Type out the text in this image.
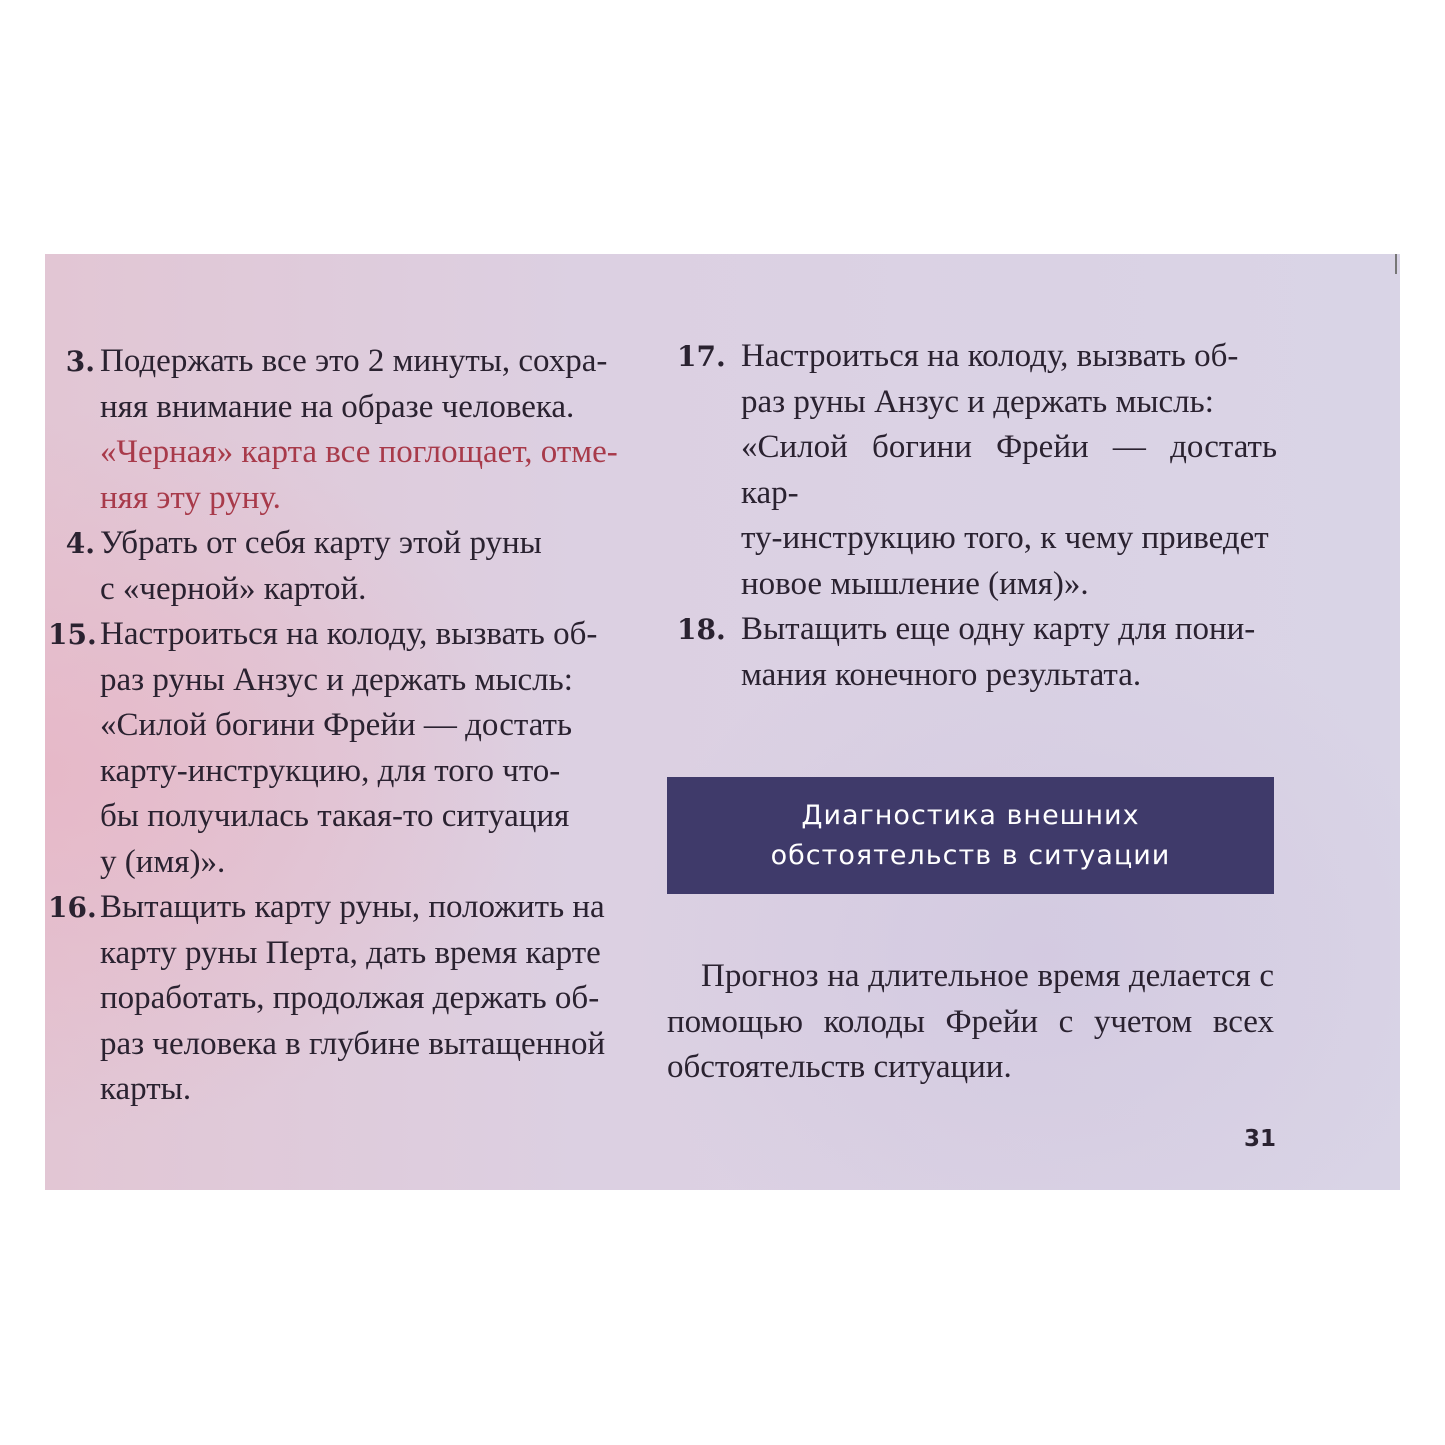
3. Подержать все это 2 минуты, сохра-
няя внимание на образе человека.
«Черная» карта все поглощает, отме-
няя эту руну.
4. Убрать от себя карту этой руны
с «черной» картой.
15. Настроиться на колоду, вызвать об-
раз руны Анзус и держать мысль:
«Силой богини Фрейи — достать
карту-инструкцию, для того что-
бы получилась такая-то ситуация
у (имя)».
16. Вытащить карту руны, положить на
карту руны Перта, дать время карте
поработать, продолжая держать об-
раз человека в глубине вытащенной
карты.
17. Настроиться на колоду, вызвать об-
раз руны Анзус и держать мысль:
«Силой богини Фрейи — достать кар-
ту-инструкцию того, к чему приведет
новое мышление (имя)».
18. Вытащить еще одну карту для пони-
мания конечного результата.
Диагностика внешних
обстоятельств в ситуации

Прогноз на длительное время делается с помощью колоды Фрейи с учетом всех обстоятельств ситуации.

31
